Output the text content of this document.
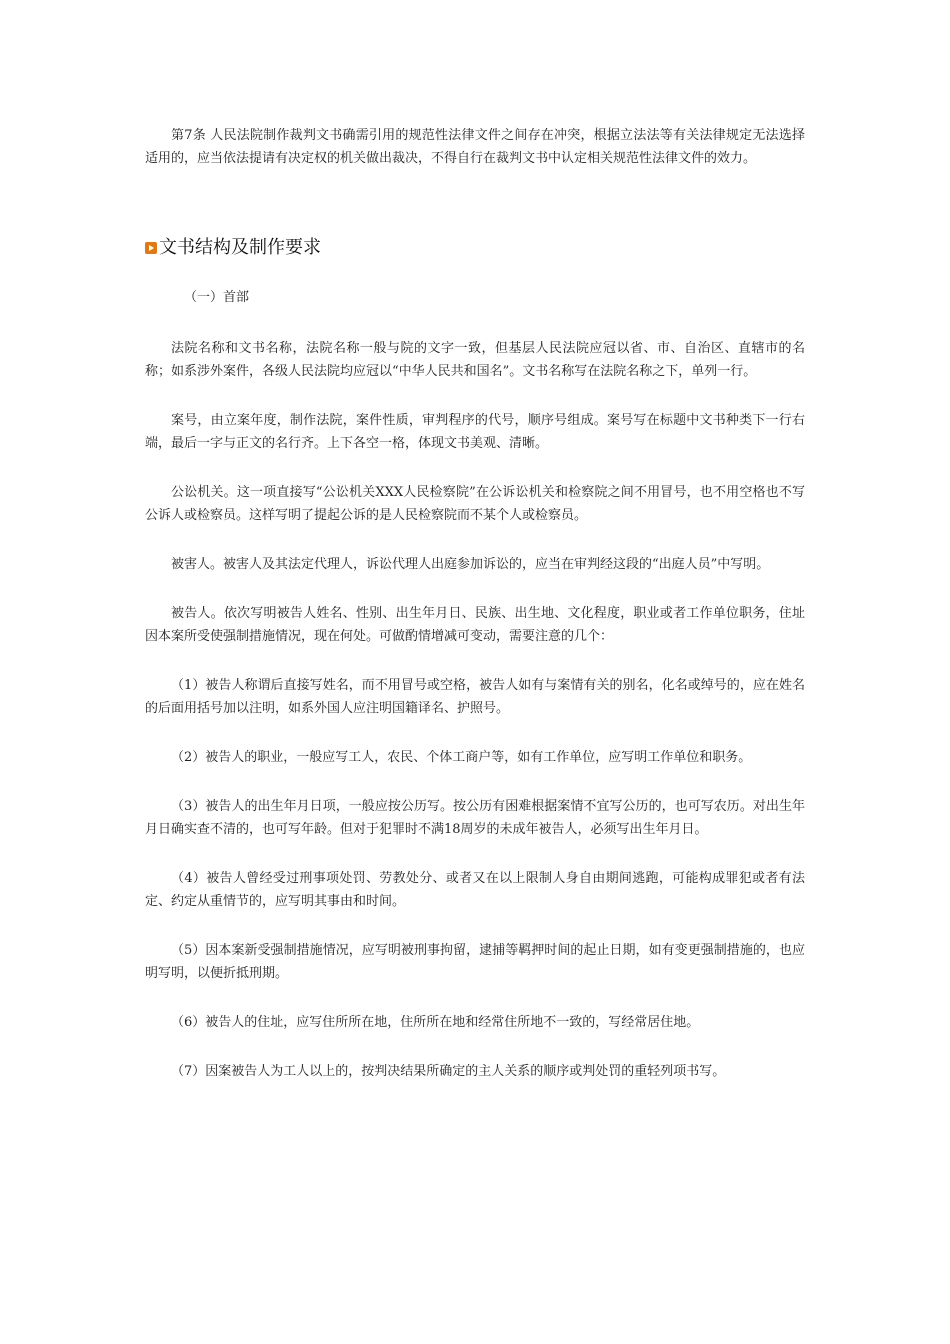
第7条 人民法院制作裁判文书确需引用的规范性法律文件之间存在冲突，根据立法法等有关法律规定无法选择适用的，应当依法提请有决定权的机关做出裁决，不得自行在裁判文书中认定相关规范性法律文件的效力。

文书结构及制作要求

（一）首部

法院名称和文书名称，法院名称一般与院的文字一致，但基层人民法院应冠以省、市、自治区、直辖市的名称；如系涉外案件，各级人民法院均应冠以“中华人民共和国名”。文书名称写在法院名称之下，单列一行。

案号，由立案年度，制作法院，案件性质，审判程序的代号，顺序号组成。案号写在标题中文书种类下一行右端，最后一字与正文的名行齐。上下各空一格，体现文书美观、清晰。

公讼机关。这一项直接写“公讼机关XXX人民检察院”在公诉讼机关和检察院之间不用冒号，也不用空格也不写公诉人或检察员。这样写明了提起公诉的是人民检察院而不某个人或检察员。

被害人。被害人及其法定代理人，诉讼代理人出庭参加诉讼的，应当在审判经这段的“出庭人员”中写明。

被告人。依次写明被告人姓名、性别、出生年月日、民族、出生地、文化程度，职业或者工作单位职务，住址因本案所受使强制措施情况，现在何处。可做酌情增减可变动，需要注意的几个：

（1）被告人称谓后直接写姓名，而不用冒号或空格，被告人如有与案情有关的别名，化名或绰号的，应在姓名的后面用括号加以注明，如系外国人应注明国籍译名、护照号。

（2）被告人的职业，一般应写工人，农民、个体工商户等，如有工作单位，应写明工作单位和职务。

（3）被告人的出生年月日项，一般应按公历写。按公历有困难根据案情不宜写公历的，也可写农历。对出生年月日确实查不清的，也可写年龄。但对于犯罪时不满18周岁的未成年被告人，必须写出生年月日。

（4）被告人曾经受过刑事项处罚、劳教处分、或者又在以上限制人身自由期间逃跑，可能构成罪犯或者有法定、约定从重情节的，应写明其事由和时间。

（5）因本案新受强制措施情况，应写明被刑事拘留，逮捕等羁押时间的起止日期，如有变更强制措施的，也应明写明，以便折抵刑期。

（6）被告人的住址，应写住所所在地，住所所在地和经常住所地不一致的，写经常居住地。

（7）因案被告人为工人以上的，按判决结果所确定的主人关系的顺序或判处罚的重轻列项书写。
